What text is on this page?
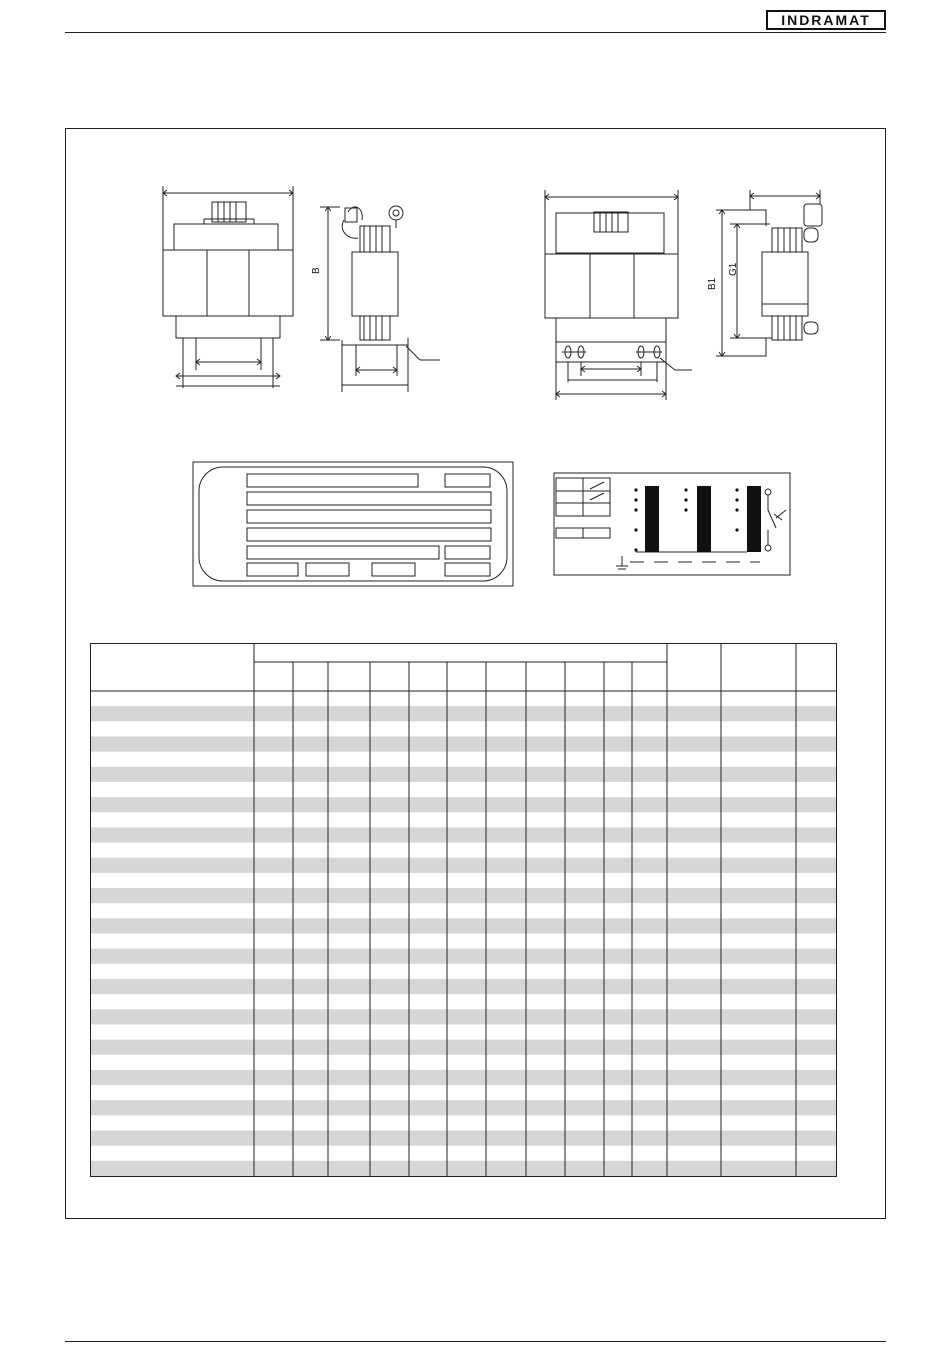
INDRAMAT
B
B1
G1
